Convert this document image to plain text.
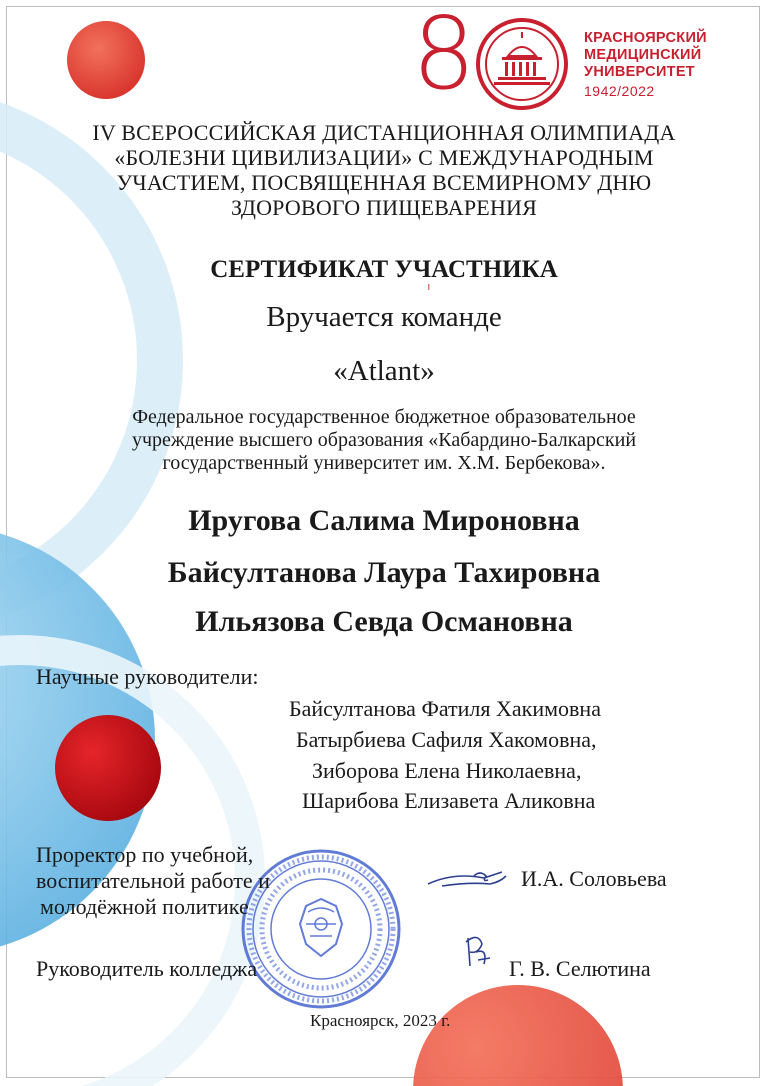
8	КРАСНОЯРСКИЙ
МЕДИЦИНСКИЙ
УНИВЕРСИТЕТ
1942/2022
IV ВСЕРОССИЙСКАЯ ДИСТАНЦИОННАЯ ОЛИМПИАДА
«БОЛЕЗНИ ЦИВИЛИЗАЦИИ» С МЕЖДУНАРОДНЫМ
УЧАСТИЕМ, ПОСВЯЩЕННАЯ ВСЕМИРНОМУ ДНЮ
ЗДОРОВОГО ПИЩЕВАРЕНИЯ
СЕРТИФИКАТ УЧАСТНИКА
Вручается команде
«Atlant»
Федеральное государственное бюджетное образовательное
учреждение высшего образования «Кабардино-Балкарский
государственный университет им. Х.М. Бербекова».
Иругова Салима Мироновна
Байсултанова Лаура Тахировна
Ильязова Севда Османовна
Научные руководители:
Байсултанова Фатиля Хакимовна
Батырбиева Сафиля Хакомовна,
Зиборова Елена Николаевна,
Шарибова Елизавета Аликовна
Проректор по учебной,
воспитательной работе и
молодёжной политике
И.А. Соловьева
Руководитель колледжа	Г. В. Селютина
Красноярск, 2023 г.
